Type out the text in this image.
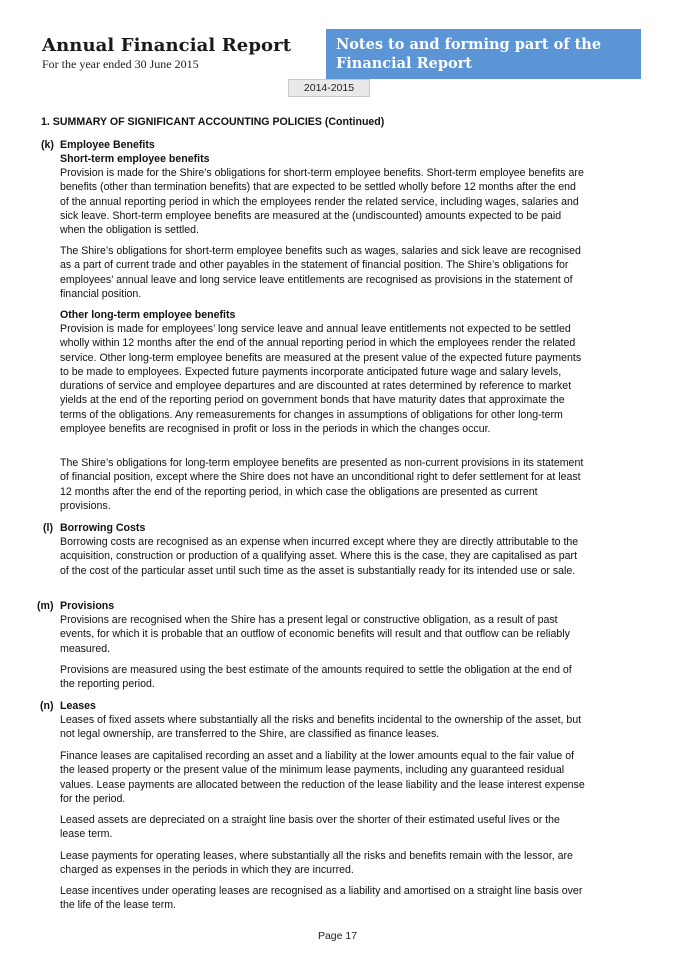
Annual Financial Report
For the year ended 30 June 2015
Notes to and forming part of the
Financial Report
2014-2015
1. SUMMARY OF SIGNIFICANT ACCOUNTING POLICIES (Continued)
(k) Employee Benefits
Short-term employee benefits

Provision is made for the Shire’s obligations for short-term employee benefits. Short-term employee benefits are benefits (other than termination benefits) that are expected to be settled wholly before 12 months after the end of the annual reporting period in which the employees render the related service, including wages, salaries and sick leave. Short-term employee benefits are measured at the (undiscounted) amounts expected to be paid when the obligation is settled.

The Shire’s obligations for short-term employee benefits such as wages, salaries and sick leave are recognised as a part of current trade and other payables in the statement of financial position. The Shire’s obligations for employees’ annual leave and long service leave entitlements are recognised as provisions in the statement of financial position.

Other long-term employee benefits

Provision is made for employees’ long service leave and annual leave entitlements not expected to be settled wholly within 12 months after the end of the annual reporting period in which the employees render the related service. Other long-term employee benefits are measured at the present value of the expected future payments to be made to employees. Expected future payments incorporate anticipated future wage and salary levels, durations of service and employee departures and are discounted at rates determined by reference to market yields at the end of the reporting period on government bonds that have maturity dates that approximate the terms of the obligations. Any remeasurements for changes in assumptions of obligations for other long-term employee benefits are recognised in profit or loss in the periods in which the changes occur.

The Shire’s obligations for long-term employee benefits are presented as non-current provisions in its statement of financial position, except where the Shire does not have an unconditional right to defer settlement for at least 12 months after the end of the reporting period, in which case the obligations are presented as current provisions.

(l) Borrowing Costs

Borrowing costs are recognised as an expense when incurred except where they are directly attributable to the acquisition, construction or production of a qualifying asset. Where this is the case, they are capitalised as part of the cost of the particular asset until such time as the asset is substantially ready for its intended use or sale.

(m) Provisions

Provisions are recognised when the Shire has a present legal or constructive obligation, as a result of past events, for which it is probable that an outflow of economic benefits will result and that outflow can be reliably measured.

Provisions are measured using the best estimate of the amounts required to settle the obligation at the end of the reporting period.

(n) Leases

Leases of fixed assets where substantially all the risks and benefits incidental to the ownership of the asset, but not legal ownership, are transferred to the Shire, are classified as finance leases.

Finance leases are capitalised recording an asset and a liability at the lower amounts equal to the fair value of the leased property or the present value of the minimum lease payments, including any guaranteed residual values. Lease payments are allocated between the reduction of the lease liability and the lease interest expense for the period.

Leased assets are depreciated on a straight line basis over the shorter of their estimated useful lives or the lease term.

Lease payments for operating leases, where substantially all the risks and benefits remain with the lessor, are charged as expenses in the periods in which they are incurred.

Lease incentives under operating leases are recognised as a liability and amortised on a straight line basis over the life of the lease term.

Page 17
